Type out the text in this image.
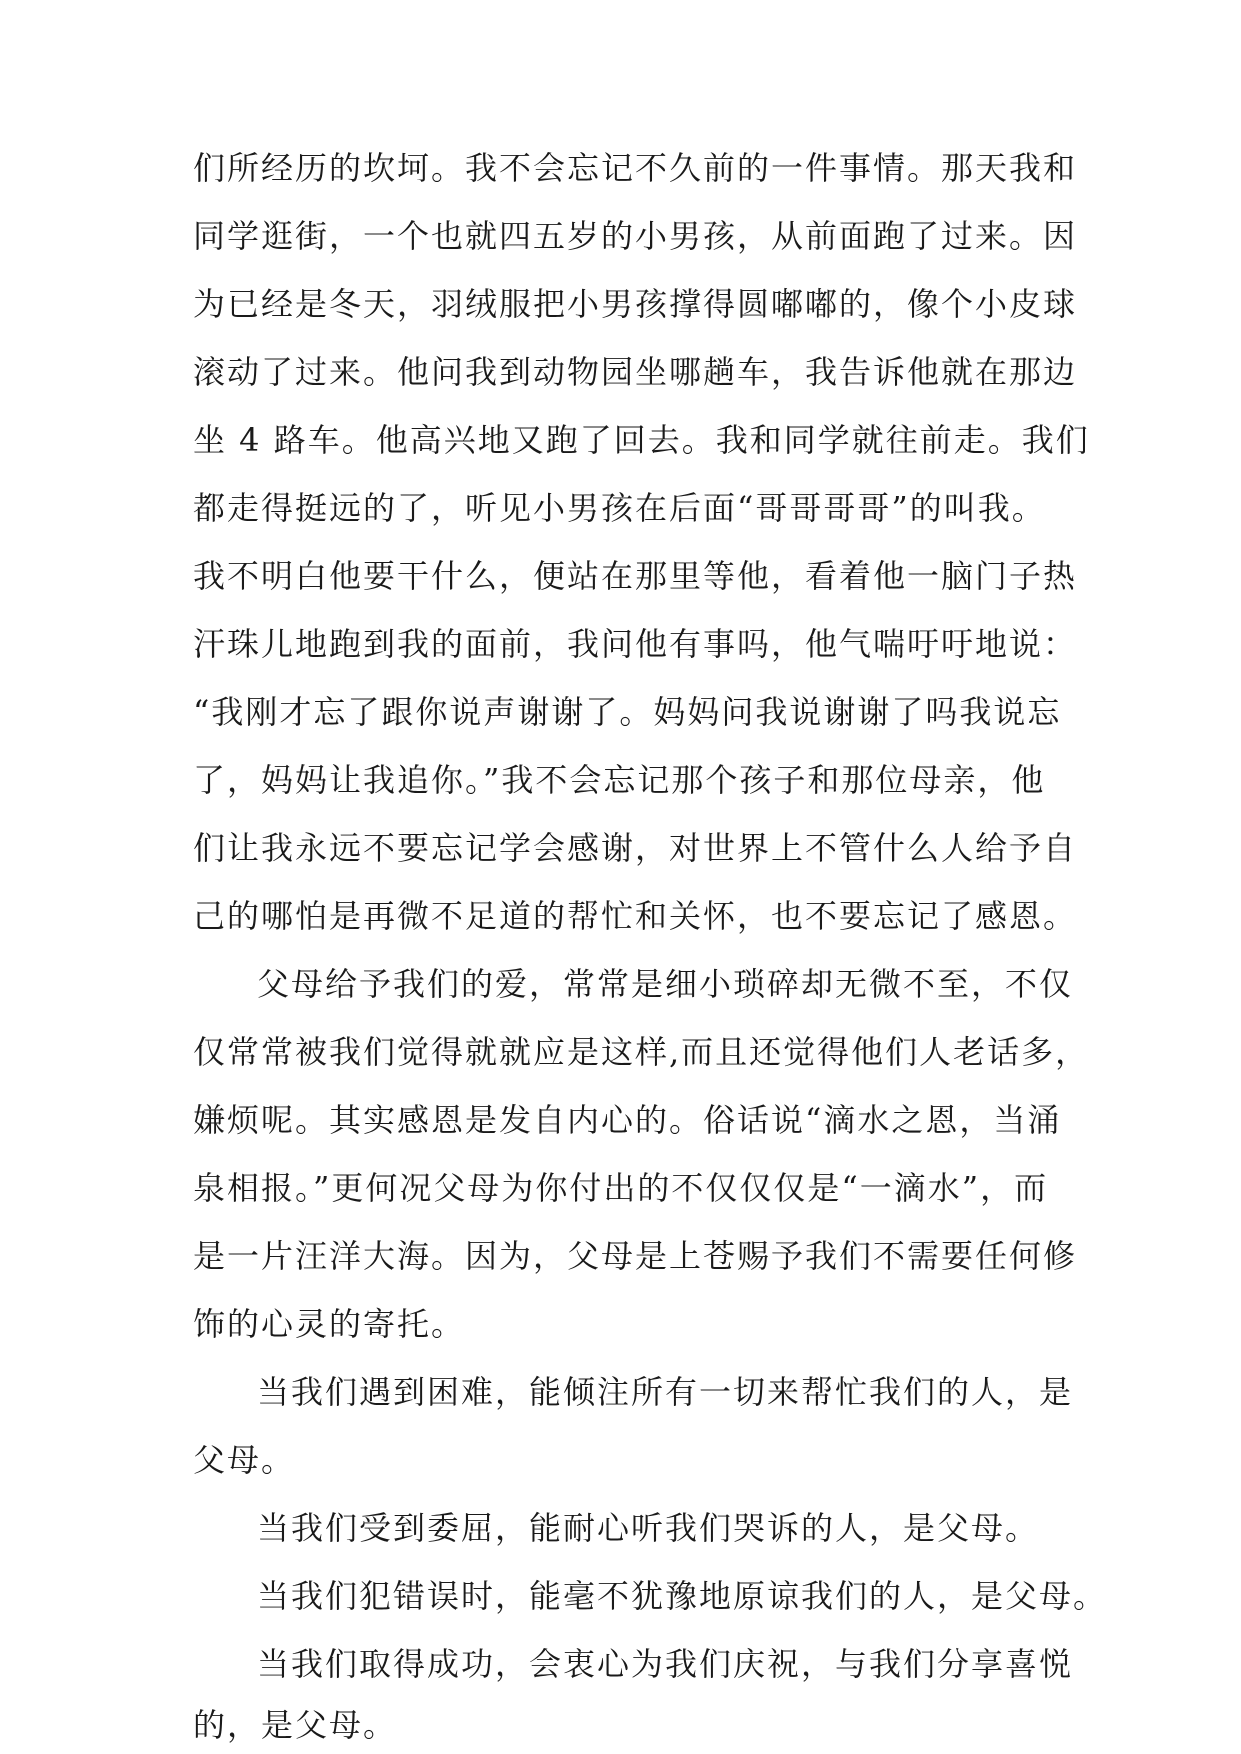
们所经历的坎坷。我不会忘记不久前的一件事情。那天我和
同学逛街，一个也就四五岁的小男孩，从前面跑了过来。因
为已经是冬天，羽绒服把小男孩撑得圆嘟嘟的，像个小皮球
滚动了过来。他问我到动物园坐哪趟车，我告诉他就在那边
坐 4 路车。他高兴地又跑了回去。我和同学就往前走。我们
都走得挺远的了，听见小男孩在后面“哥哥哥哥”的叫我。
我不明白他要干什么，便站在那里等他，看着他一脑门子热
汗珠儿地跑到我的面前，我问他有事吗，他气喘吁吁地说：
“我刚才忘了跟你说声谢谢了。妈妈问我说谢谢了吗我说忘
了，妈妈让我追你。”我不会忘记那个孩子和那位母亲，他
们让我永远不要忘记学会感谢，对世界上不管什么人给予自
己的哪怕是再微不足道的帮忙和关怀，也不要忘记了感恩。
父母给予我们的爱，常常是细小琐碎却无微不至，不仅
仅常常被我们觉得就就应是这样,而且还觉得他们人老话多，
嫌烦呢。其实感恩是发自内心的。俗话说“滴水之恩，当涌
泉相报。”更何况父母为你付出的不仅仅仅是“一滴水”，而
是一片汪洋大海。因为，父母是上苍赐予我们不需要任何修
饰的心灵的寄托。
当我们遇到困难，能倾注所有一切来帮忙我们的人，是
父母。
当我们受到委屈，能耐心听我们哭诉的人，是父母。
当我们犯错误时，能毫不犹豫地原谅我们的人，是父母。
当我们取得成功，会衷心为我们庆祝，与我们分享喜悦
的，是父母。
